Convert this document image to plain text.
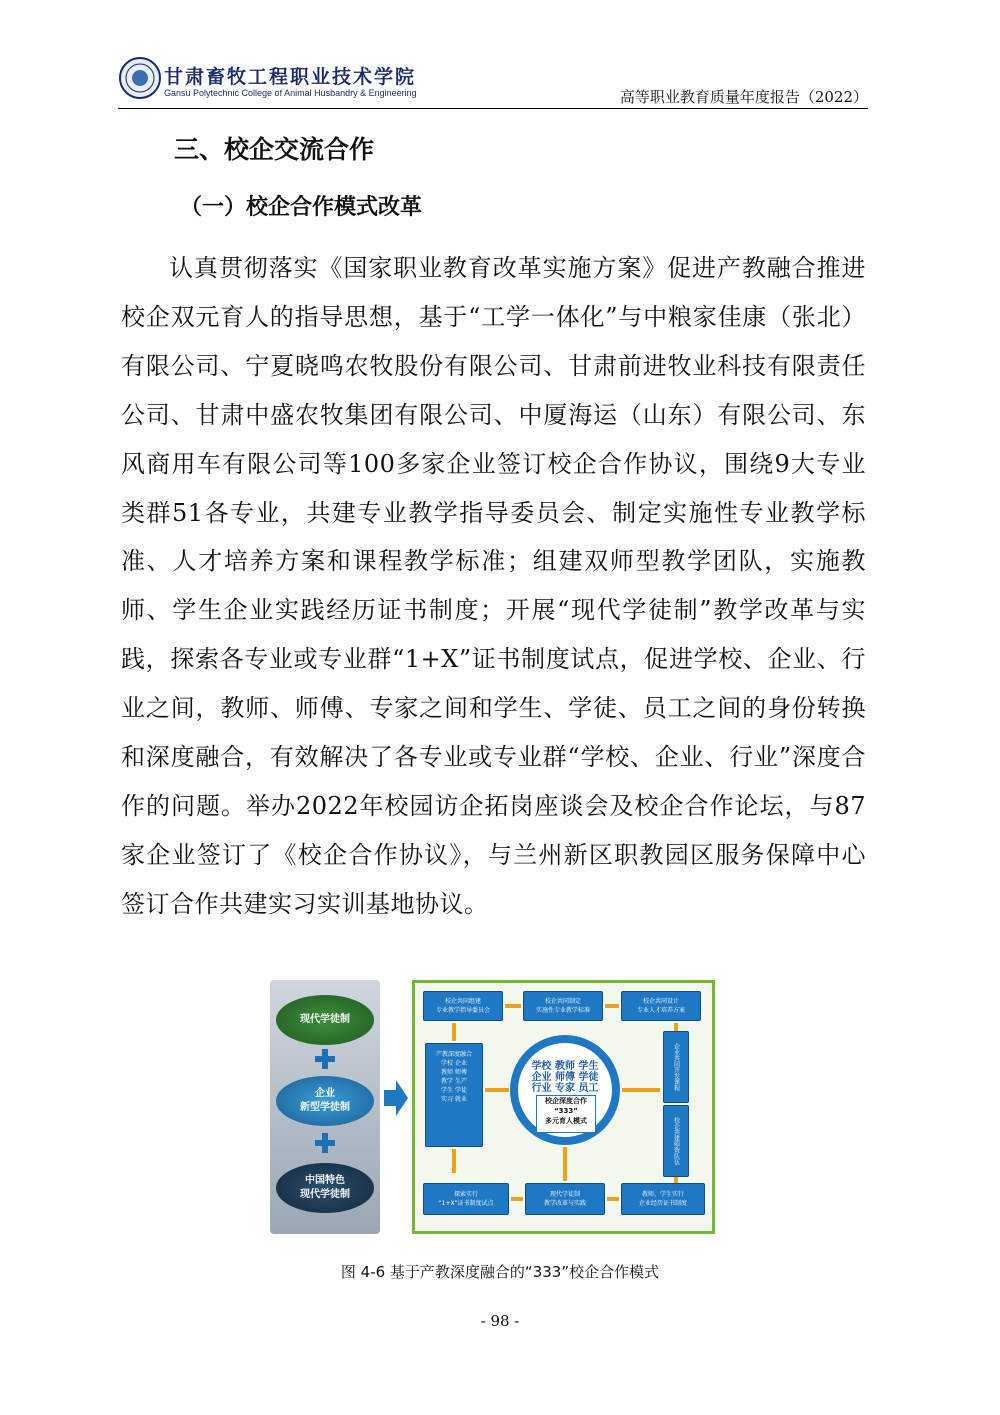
甘肃畜牧工程职业技术学院
Gansu Polytechnic College of Animal Husbandry & Engineering	高等职业教育质量年度报告（2022）
三、校企交流合作
（一）校企合作模式改革
认真贯彻落实《国家职业教育改革实施方案》促进产教融合推进校企双元育人的指导思想，基于“工学一体化”与中粮家佳康（张北）有限公司、宁夏晓鸣农牧股份有限公司、甘肃前进牧业科技有限责任公司、甘肃中盛农牧集团有限公司、中厦海运（山东）有限公司、东风商用车有限公司等100多家企业签订校企合作协议，围绕9大专业类群51各专业，共建专业教学指导委员会、制定实施性专业教学标准、人才培养方案和课程教学标准；组建双师型教学团队，实施教师、学生企业实践经历证书制度；开展“现代学徒制”教学改革与实践，探索各专业或专业群“1+X”证书制度试点，促进学校、企业、行业之间，教师、师傅、专家之间和学生、学徒、员工之间的身份转换和深度融合，有效解决了各专业或专业群“学校、企业、行业”深度合作的问题。举办2022年校园访企拓岗座谈会及校企合作论坛，与87家企业签订了《校企合作协议》，与兰州新区职教园区服务保障中心签订合作共建实习实训基地协议。
现代学徒制
企业
新型学徒制
中国特色
现代学徒制
校企共同组建
专业教学指导委员会
校企共同制定
实施性专业教学标准
校企共同设计
专业人才培养方案
产教深度融合
学校 企业
教师 师傅
教学 生产
学生 学徒
实习 就业
学校 教师 学生
企业 师傅 学徒
行业 专家 员工
校企深度合作
“333”
多元育人模式
企业共同开发课程
校企共建师资队伍
探索实行
“1+X”证书制度试点
现代学徒制
教学改革与实践
教师、学生实行
企业经历证书制度
图 4-6 基于产教深度融合的“333”校企合作模式
- 98 -
